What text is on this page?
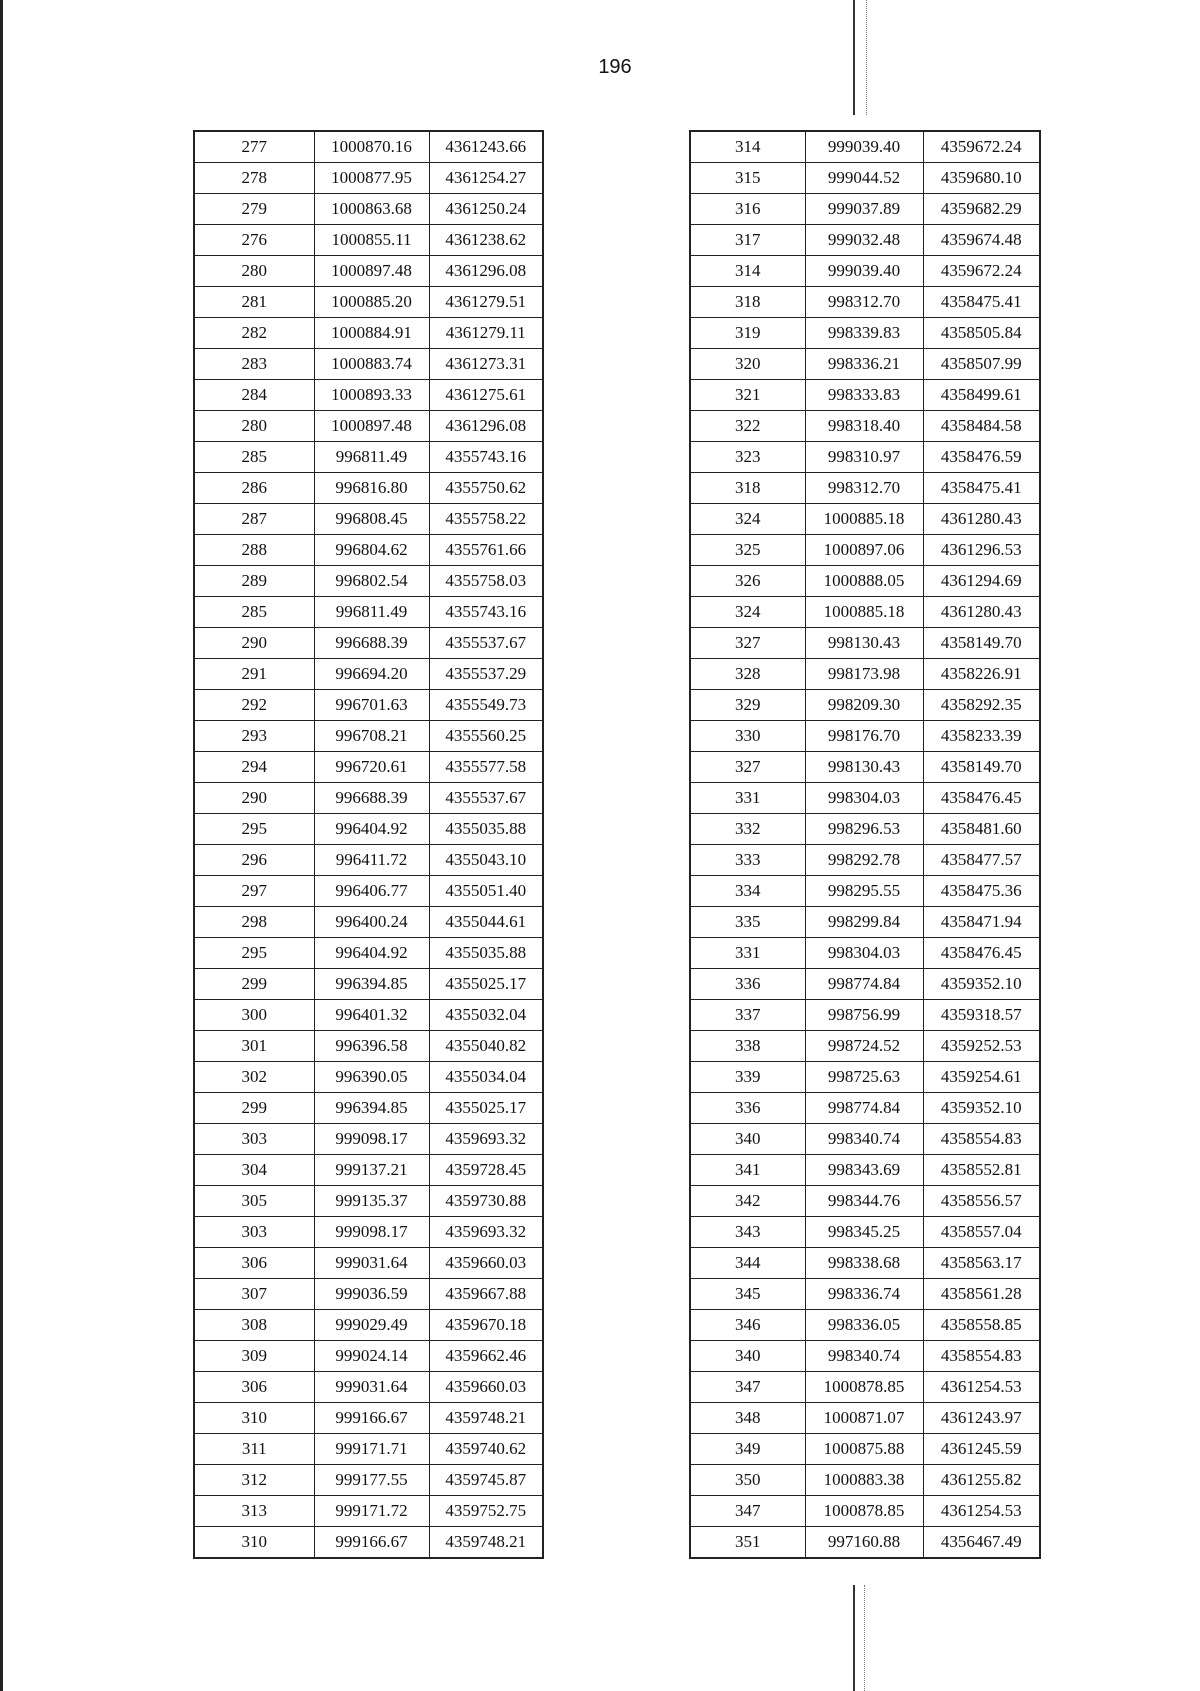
196
277	1000870.16	4361243.66
278	1000877.95	4361254.27
279	1000863.68	4361250.24
276	1000855.11	4361238.62
280	1000897.48	4361296.08
281	1000885.20	4361279.51
282	1000884.91	4361279.11
283	1000883.74	4361273.31
284	1000893.33	4361275.61
280	1000897.48	4361296.08
285	996811.49	4355743.16
286	996816.80	4355750.62
287	996808.45	4355758.22
288	996804.62	4355761.66
289	996802.54	4355758.03
285	996811.49	4355743.16
290	996688.39	4355537.67
291	996694.20	4355537.29
292	996701.63	4355549.73
293	996708.21	4355560.25
294	996720.61	4355577.58
290	996688.39	4355537.67
295	996404.92	4355035.88
296	996411.72	4355043.10
297	996406.77	4355051.40
298	996400.24	4355044.61
295	996404.92	4355035.88
299	996394.85	4355025.17
300	996401.32	4355032.04
301	996396.58	4355040.82
302	996390.05	4355034.04
299	996394.85	4355025.17
303	999098.17	4359693.32
304	999137.21	4359728.45
305	999135.37	4359730.88
303	999098.17	4359693.32
306	999031.64	4359660.03
307	999036.59	4359667.88
308	999029.49	4359670.18
309	999024.14	4359662.46
306	999031.64	4359660.03
310	999166.67	4359748.21
311	999171.71	4359740.62
312	999177.55	4359745.87
313	999171.72	4359752.75
310	999166.67	4359748.21
314	999039.40	4359672.24
315	999044.52	4359680.10
316	999037.89	4359682.29
317	999032.48	4359674.48
314	999039.40	4359672.24
318	998312.70	4358475.41
319	998339.83	4358505.84
320	998336.21	4358507.99
321	998333.83	4358499.61
322	998318.40	4358484.58
323	998310.97	4358476.59
318	998312.70	4358475.41
324	1000885.18	4361280.43
325	1000897.06	4361296.53
326	1000888.05	4361294.69
324	1000885.18	4361280.43
327	998130.43	4358149.70
328	998173.98	4358226.91
329	998209.30	4358292.35
330	998176.70	4358233.39
327	998130.43	4358149.70
331	998304.03	4358476.45
332	998296.53	4358481.60
333	998292.78	4358477.57
334	998295.55	4358475.36
335	998299.84	4358471.94
331	998304.03	4358476.45
336	998774.84	4359352.10
337	998756.99	4359318.57
338	998724.52	4359252.53
339	998725.63	4359254.61
336	998774.84	4359352.10
340	998340.74	4358554.83
341	998343.69	4358552.81
342	998344.76	4358556.57
343	998345.25	4358557.04
344	998338.68	4358563.17
345	998336.74	4358561.28
346	998336.05	4358558.85
340	998340.74	4358554.83
347	1000878.85	4361254.53
348	1000871.07	4361243.97
349	1000875.88	4361245.59
350	1000883.38	4361255.82
347	1000878.85	4361254.53
351	997160.88	4356467.49
